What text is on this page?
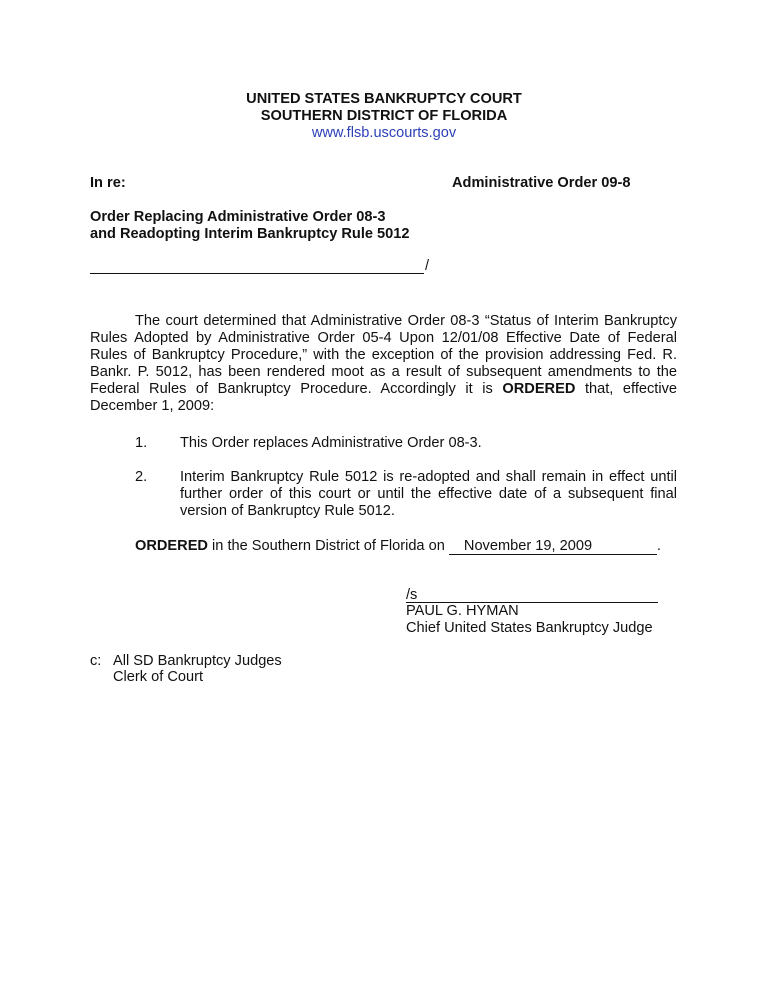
UNITED STATES BANKRUPTCY COURT
SOUTHERN DISTRICT OF FLORIDA
www.flsb.uscourts.gov
In re:	Administrative Order 09-8
Order Replacing Administrative Order 08-3
and Readopting Interim Bankruptcy Rule 5012
/
The court determined that Administrative Order 08-3 “Status of Interim Bankruptcy Rules Adopted by Administrative Order 05-4 Upon 12/01/08 Effective Date of Federal Rules of Bankruptcy Procedure,” with the exception of the provision addressing Fed. R. Bankr. P. 5012, has been rendered moot as a result of subsequent amendments to the Federal Rules of Bankruptcy Procedure. Accordingly it is ORDERED that, effective December 1, 2009:
1. This Order replaces Administrative Order 08-3.
2. Interim Bankruptcy Rule 5012 is re-adopted and shall remain in effect until further order of this court or until the effective date of a subsequent final version of Bankruptcy Rule 5012.
ORDERED in the Southern District of Florida on November 19, 2009	.
/s
PAUL G. HYMAN
Chief United States Bankruptcy Judge
c: All SD Bankruptcy Judges
Clerk of Court
